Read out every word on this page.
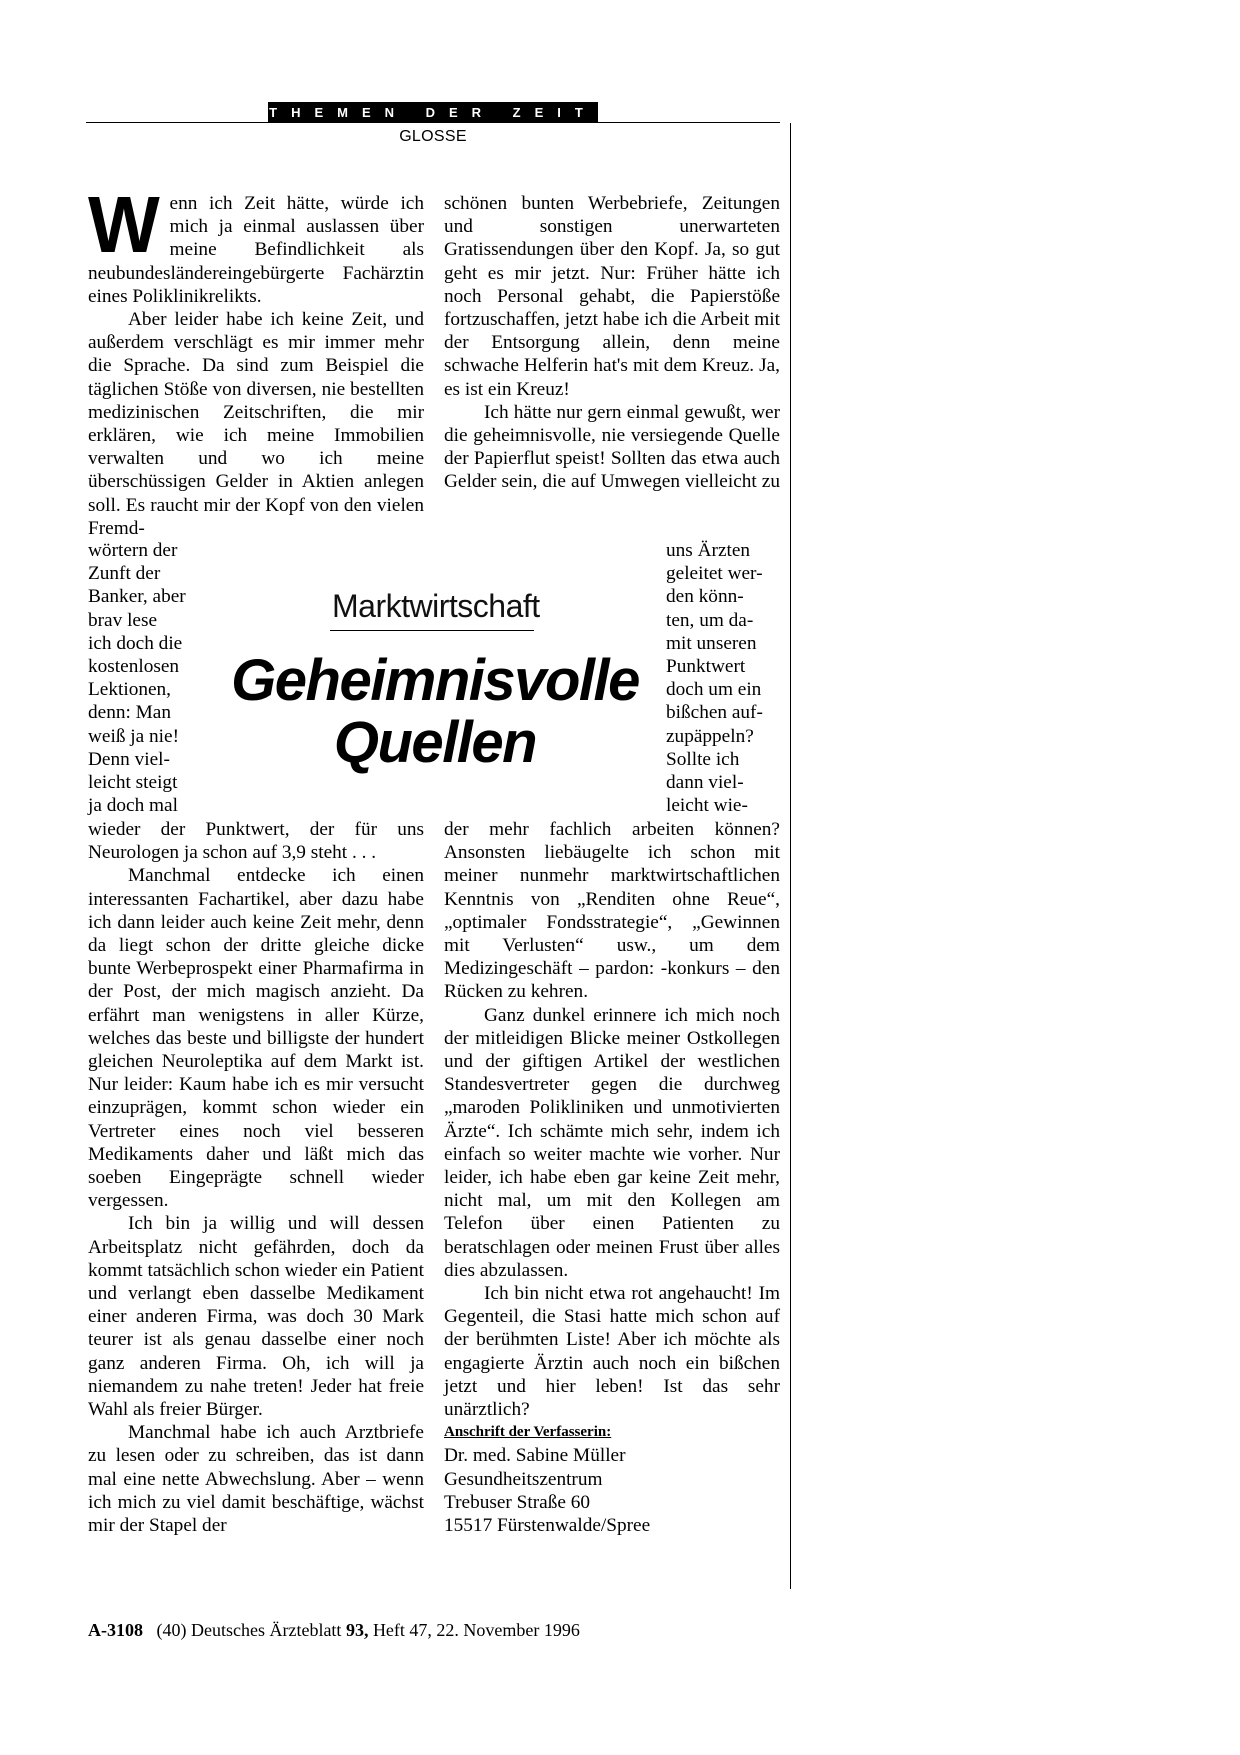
THEMEN DER ZEIT
GLOSSE

Wenn ich Zeit hätte, würde ich mich ja einmal auslassen über meine Befindlichkeit als neubundesländereingebürgerte Fachärztin eines Poliklinikrelikts.

Aber leider habe ich keine Zeit, und außerdem verschlägt es mir immer mehr die Sprache. Da sind zum Beispiel die täglichen Stöße von diversen, nie bestellten medizinischen Zeitschriften, die mir erklären, wie ich meine Immobilien verwalten und wo ich meine überschüssigen Gelder in Aktien anlegen soll. Es raucht mir der Kopf von den vielen Fremd-

wörtern der
Zunft der
Banker, aber
brav lese
ich doch die
kostenlosen
Lektionen,
denn: Man
weiß ja nie!
Denn viel-
leicht steigt
ja doch mal

wieder der Punktwert, der für uns Neurologen ja schon auf 3,9 steht . . .

Manchmal entdecke ich einen interessanten Fachartikel, aber dazu habe ich dann leider auch keine Zeit mehr, denn da liegt schon der dritte gleiche dicke bunte Werbeprospekt einer Pharmafirma in der Post, der mich magisch anzieht. Da erfährt man wenigstens in aller Kürze, welches das beste und billigste der hundert gleichen Neuroleptika auf dem Markt ist. Nur leider: Kaum habe ich es mir versucht einzuprägen, kommt schon wieder ein Vertreter eines noch viel besseren Medikaments daher und läßt mich das soeben Eingeprägte schnell wieder vergessen.

Ich bin ja willig und will dessen Arbeitsplatz nicht gefährden, doch da kommt tatsächlich schon wieder ein Patient und verlangt eben dasselbe Medikament einer anderen Firma, was doch 30 Mark teurer ist als genau dasselbe einer noch ganz anderen Firma. Oh, ich will ja niemandem zu nahe treten! Jeder hat freie Wahl als freier Bürger.

Manchmal habe ich auch Arztbriefe zu lesen oder zu schreiben, das ist dann mal eine nette Abwechslung. Aber – wenn ich mich zu viel damit beschäftige, wächst mir der Stapel der

schönen bunten Werbebriefe, Zeitungen und sonstigen unerwarteten Gratissendungen über den Kopf. Ja, so gut geht es mir jetzt. Nur: Früher hätte ich noch Personal gehabt, die Papierstöße fortzuschaffen, jetzt habe ich die Arbeit mit der Entsorgung allein, denn meine schwache Helferin hat's mit dem Kreuz. Ja, es ist ein Kreuz!

Ich hätte nur gern einmal gewußt, wer die geheimnisvolle, nie versiegende Quelle der Papierflut speist! Sollten das etwa auch Gelder sein, die auf Umwegen vielleicht zu

uns Ärzten
geleitet wer-
den könn-
ten, um da-
mit unseren
Punktwert
doch um ein
bißchen auf-
zupäppeln?
Sollte ich
dann viel-
leicht wie-

der mehr fachlich arbeiten können? Ansonsten liebäugelte ich schon mit meiner nunmehr marktwirtschaftlichen Kenntnis von „Renditen ohne Reue“, „optimaler Fondsstrategie“, „Gewinnen mit Verlusten“ usw., um dem Medizingeschäft – pardon: -konkurs – den Rücken zu kehren.

Ganz dunkel erinnere ich mich noch der mitleidigen Blicke meiner Ostkollegen und der giftigen Artikel der westlichen Standesvertreter gegen die durchweg „maroden Polikliniken und unmotivierten Ärzte“. Ich schämte mich sehr, indem ich einfach so weiter machte wie vorher. Nur leider, ich habe eben gar keine Zeit mehr, nicht mal, um mit den Kollegen am Telefon über einen Patienten zu beratschlagen oder meinen Frust über alles dies abzulassen.

Ich bin nicht etwa rot angehaucht! Im Gegenteil, die Stasi hatte mich schon auf der berühmten Liste! Aber ich möchte als engagierte Ärztin auch noch ein bißchen jetzt und hier leben! Ist das sehr unärztlich?

Anschrift der Verfasserin:

Dr. med. Sabine Müller
Gesundheitszentrum
Trebuser Straße 60
15517 Fürstenwalde/Spree
Marktwirtschaft
Geheimnisvolle
Quellen
A-3108 (40) Deutsches Ärzteblatt 93, Heft 47, 22. November 1996
